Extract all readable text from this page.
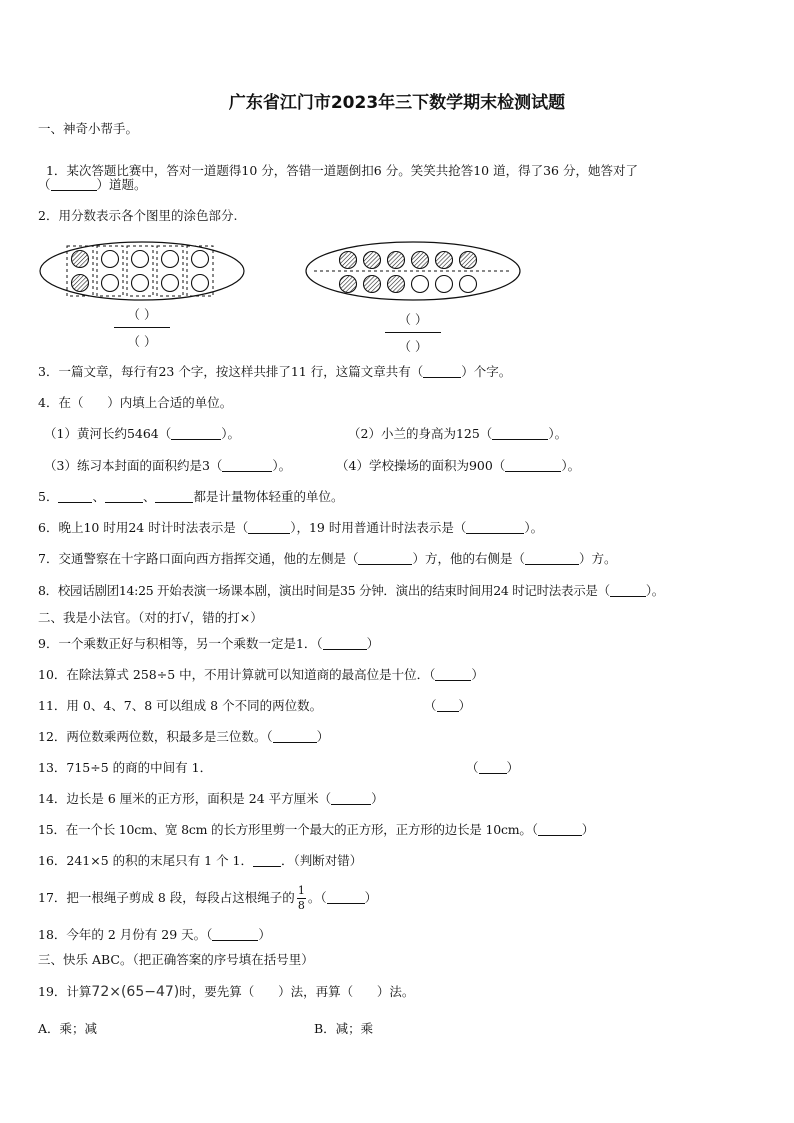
广东省江门市2023年三下数学期末检测试题
一、神奇小帮手。

1．某次答题比赛中，答对一道题得10 分，答错一道题倒扣6 分。笑笑共抢答10 道，得了36 分，她答对了

（	）道题。
2．用分数表示各个图里的涂色部分.
（ ）
（ ）
（ ）
（ ）
3．一篇文章，每行有23 个字，按这样共排了11 行，这篇文章共有（	）个字。
4．在（      ）内填上合适的单位。
（1）黄河长约5464（	）。	（2）小兰的身高为125（	）。
（3）练习本封面的面积约是3（	）。	（4）学校操场的面积为900（	）。
5．	、	、	都是计量物体轻重的单位。
6．晚上10 时用24 时计时法表示是（	），19 时用普通计时法表示是（	）。
7．交通警察在十字路口面向西方指挥交通，他的左侧是（	）方，他的右侧是（	）方。
8．校园话剧团14:25 开始表演一场课本剧，演出时间是35 分钟．演出的结束时间用24 时记时法表示是（	）。
二、我是小法官。（对的打√，错的打×）
9．一个乘数正好与积相等，另一个乘数一定是1．（	）
10．在除法算式 258÷5 中，不用计算就可以知道商的最高位是十位．（	）
11．用 0、4、7、8 可以组成 8 个不同的两位数。	（ ）
12．两位数乘两位数，积最多是三位数。（	）
13．715÷5 的商的中间有 1．	（ ）
14．边长是 6 厘米的正方形，面积是 24 平方厘米（	）
15．在一个长 10cm、宽 8cm 的长方形里剪一个最大的正方形，正方形的边长是 10cm。（	）
16．241×5 的积的末尾只有 1 个 1． ．（判断对错）
17．把一根绳子剪成 8 段，每段占这根绳子的 $\frac{1}{8}$ 。（	）
18．今年的 2 月份有 29 天。（	）
三、快乐 ABC。（把正确答案的序号填在括号里）
19．计算72×(65−47)时，要先算（      ）法，再算（      ）法。
A．乘；减	B．减；乘
